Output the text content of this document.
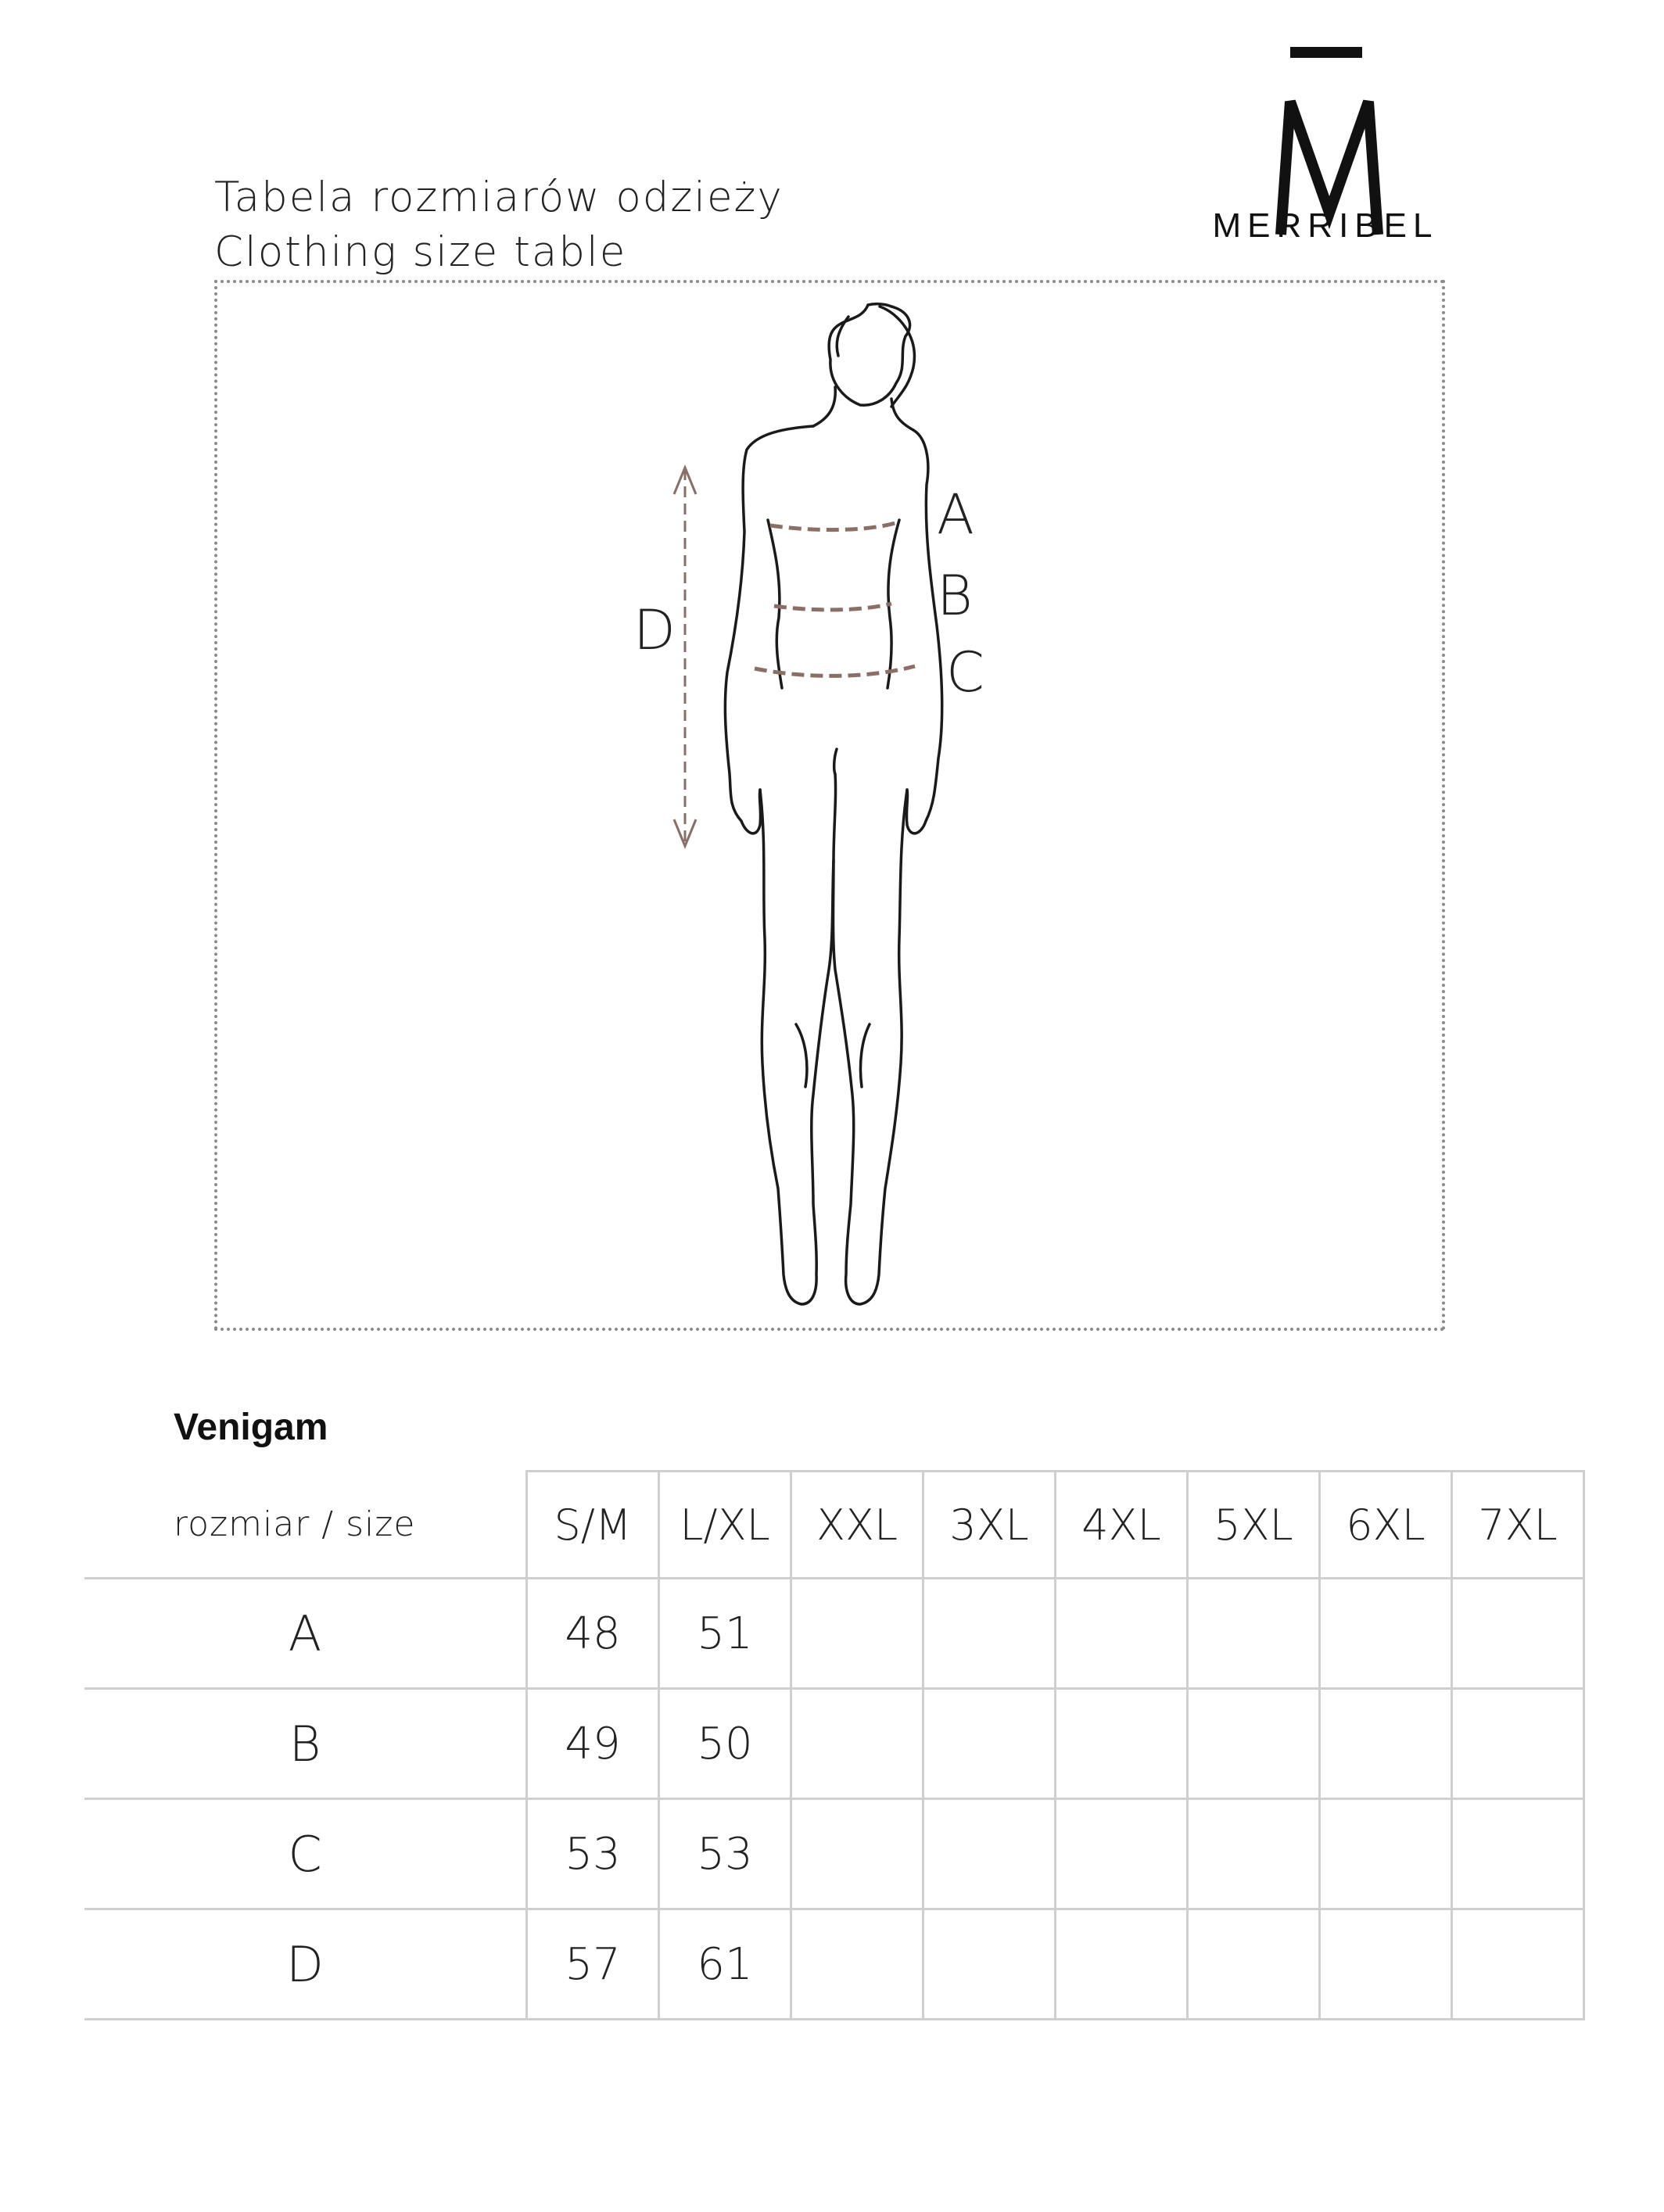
Tabela rozmiarów odzieży
Clothing size table
MERRIBEL
A
B
C
D
Venigam
rozmiar / size	S/M	L/XL	XXL	3XL	4XL	5XL	6XL	7XL
A	48	51						
B	49	50						
C	53	53						
D	57	61						
